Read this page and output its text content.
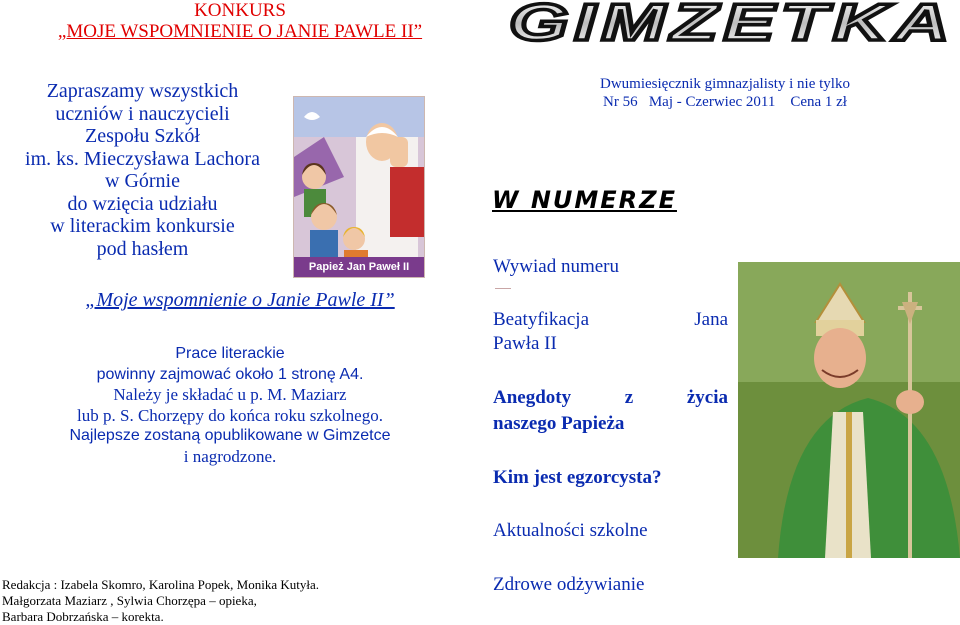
KONKURS
„MOJE WSPOMNIENIE O JANIE PAWLE II”
Zapraszamy wszystkich
uczniów i nauczycieli
Zespołu Szkół
im. ks. Mieczysława Lachora
w Górnie
do wzięcia udziału
w literackim konkursie
pod hasłem
„Moje wspomnienie o Janie Pawle II”
Prace literackie
powinny zajmować około 1 stronę A4.
Należy je składać u p. M. Maziarz
lub p. S. Chorzępy do końca roku szkolnego.
Najlepsze zostaną opublikowane w Gimzetce
i nagrodzone.
Papież Jan Paweł II
Redakcja : Izabela Skomro, Karolina Popek, Monika Kutyła.
Małgorzata Maziarz , Sylwia Chorzępa – opieka,
Barbara Dobrzańska – korekta.
GIMZETKA
Dwumiesięcznik gimnazjalisty i nie tylko
Nr 56   Maj - Czerwiec 2011    Cena 1 zł
W NUMERZE
Wywiad numeru
Beatyfikacja Jana
Pawła II
Anegdoty z życia
naszego Papieża
Kim jest egzorcysta?
Aktualności szkolne
Zdrowe odżywianie
